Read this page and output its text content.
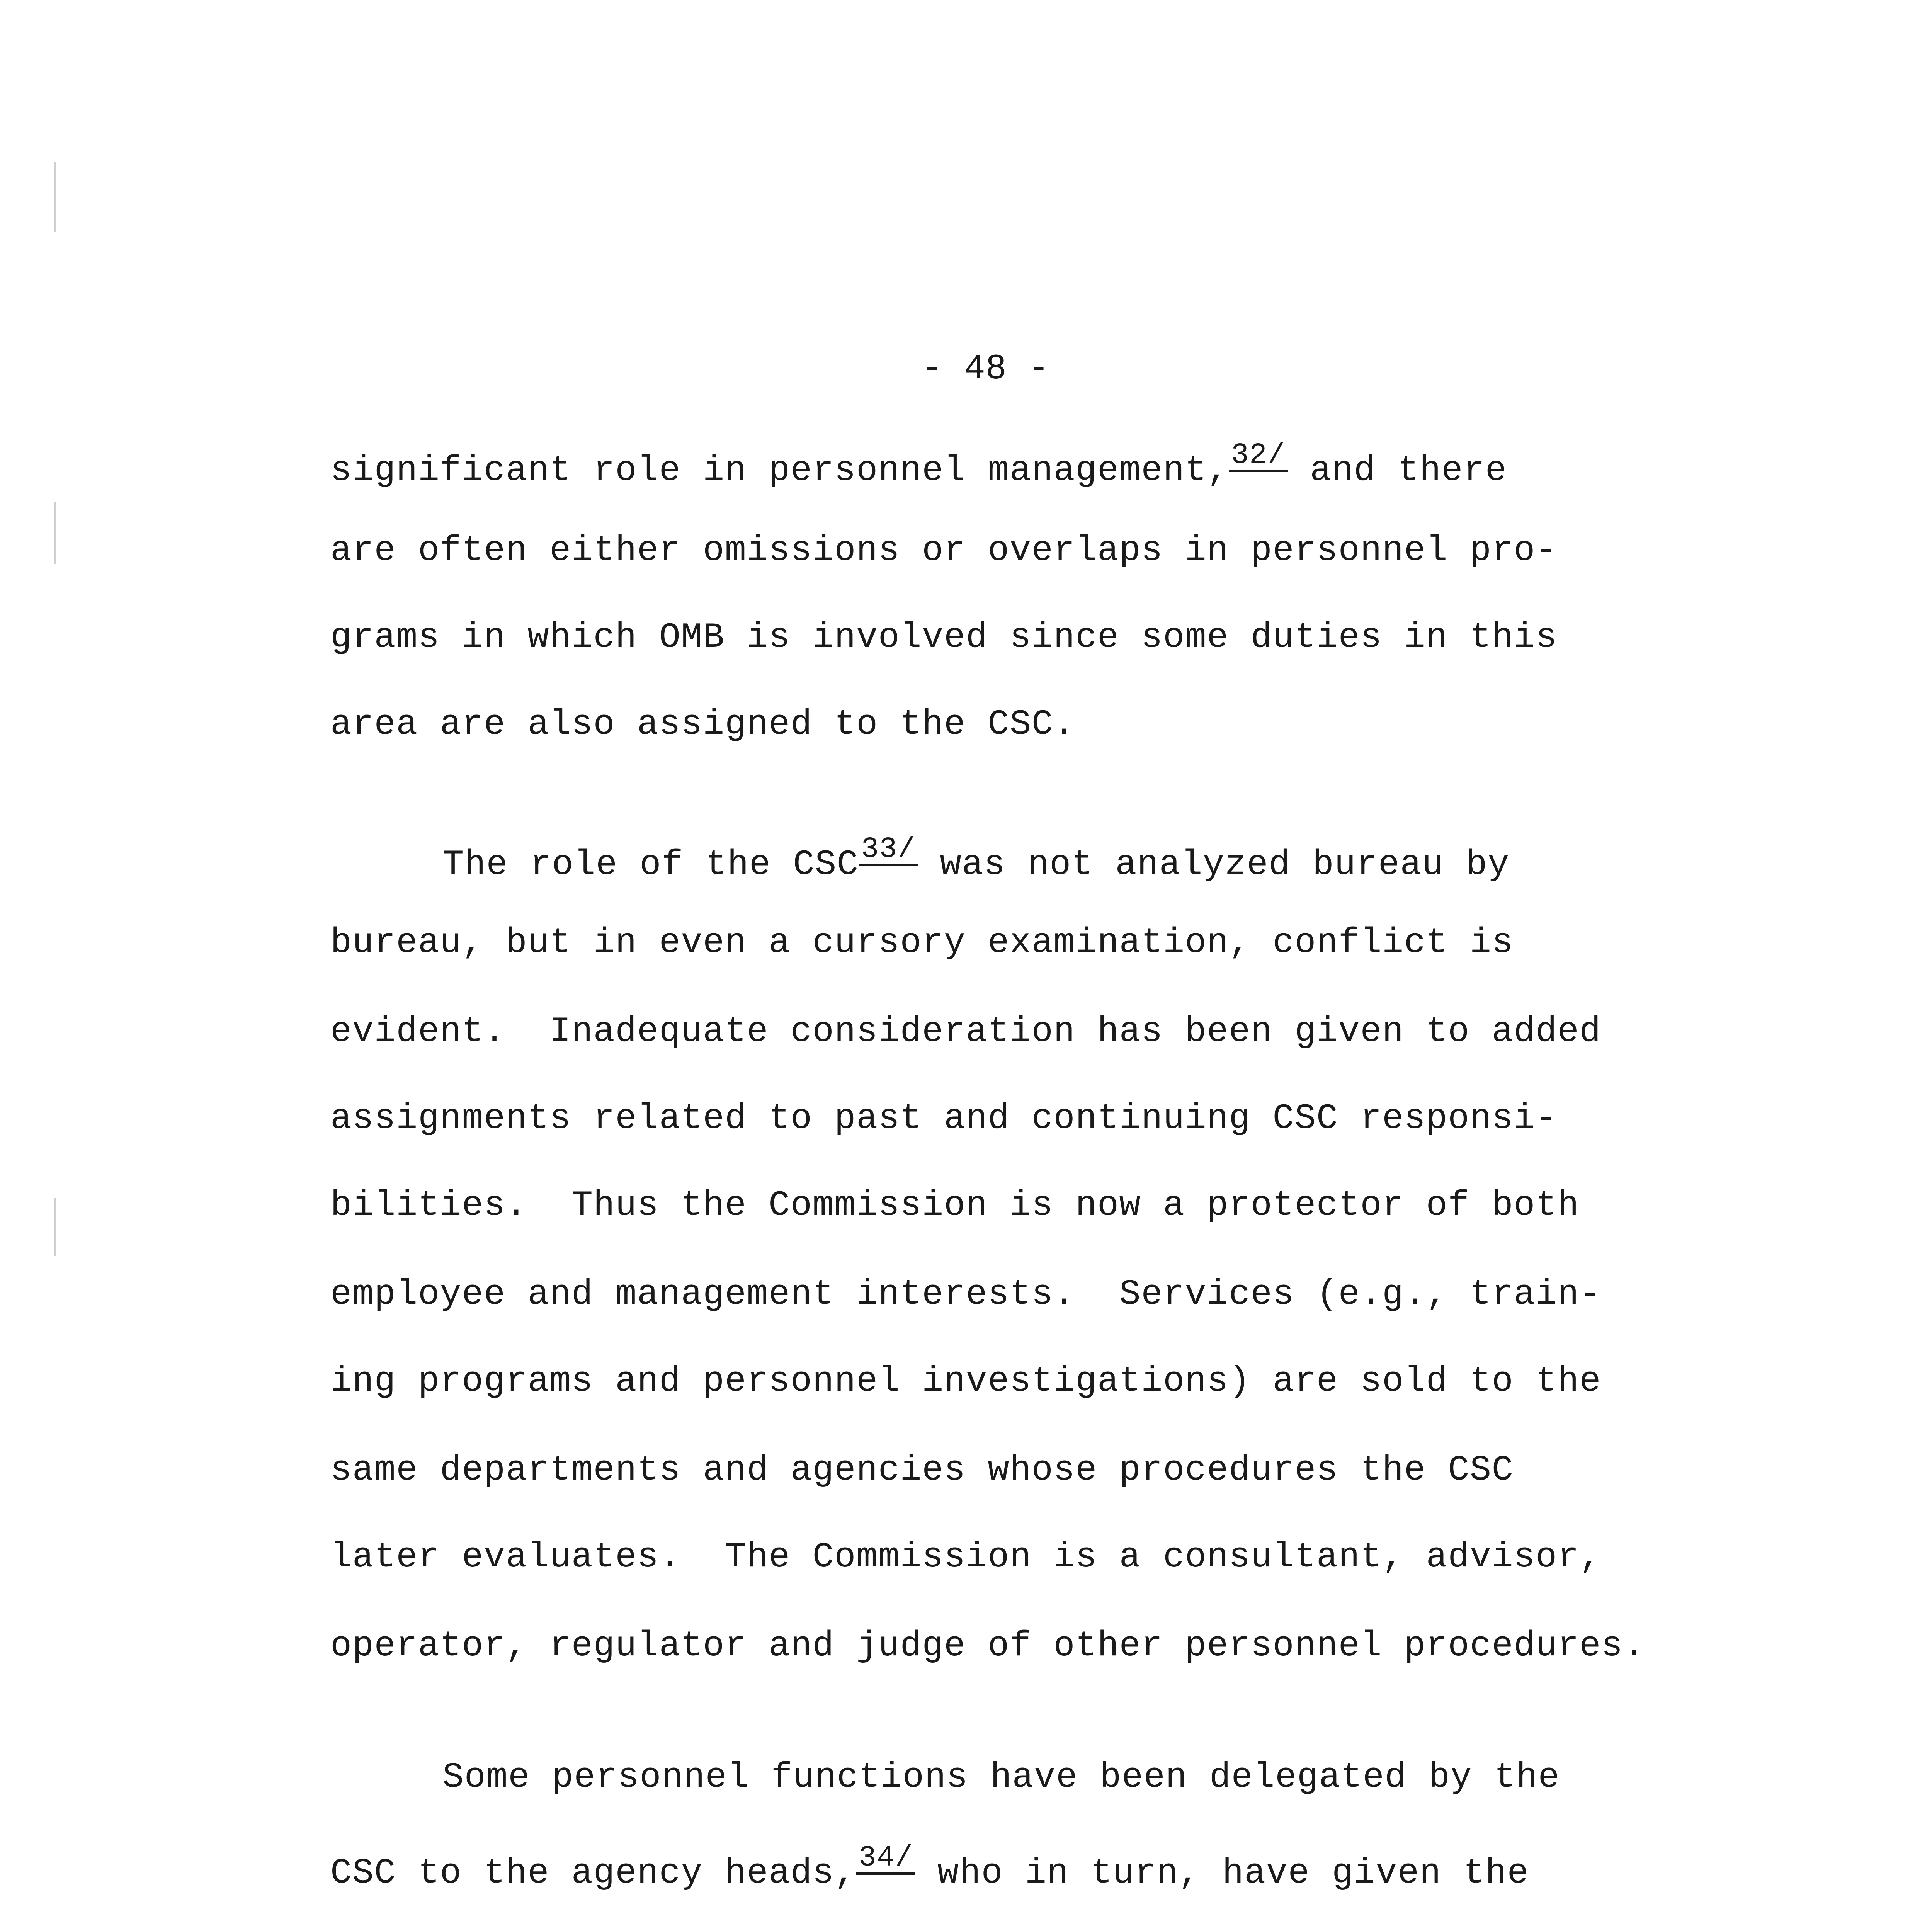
- 48 -
significant role in personnel management,32/ and there
are often either omissions or overlaps in personnel pro-
grams in which OMB is involved since some duties in this
area are also assigned to the CSC.
The role of the CSC33/ was not analyzed bureau by
bureau, but in even a cursory examination, conflict is
evident.  Inadequate consideration has been given to added
assignments related to past and continuing CSC responsi-
bilities.  Thus the Commission is now a protector of both
employee and management interests.  Services (e.g., train-
ing programs and personnel investigations) are sold to the
same departments and agencies whose procedures the CSC
later evaluates.  The Commission is a consultant, advisor,
operator, regulator and judge of other personnel procedures.
Some personnel functions have been delegated by the
CSC to the agency heads,34/ who in turn, have given the
